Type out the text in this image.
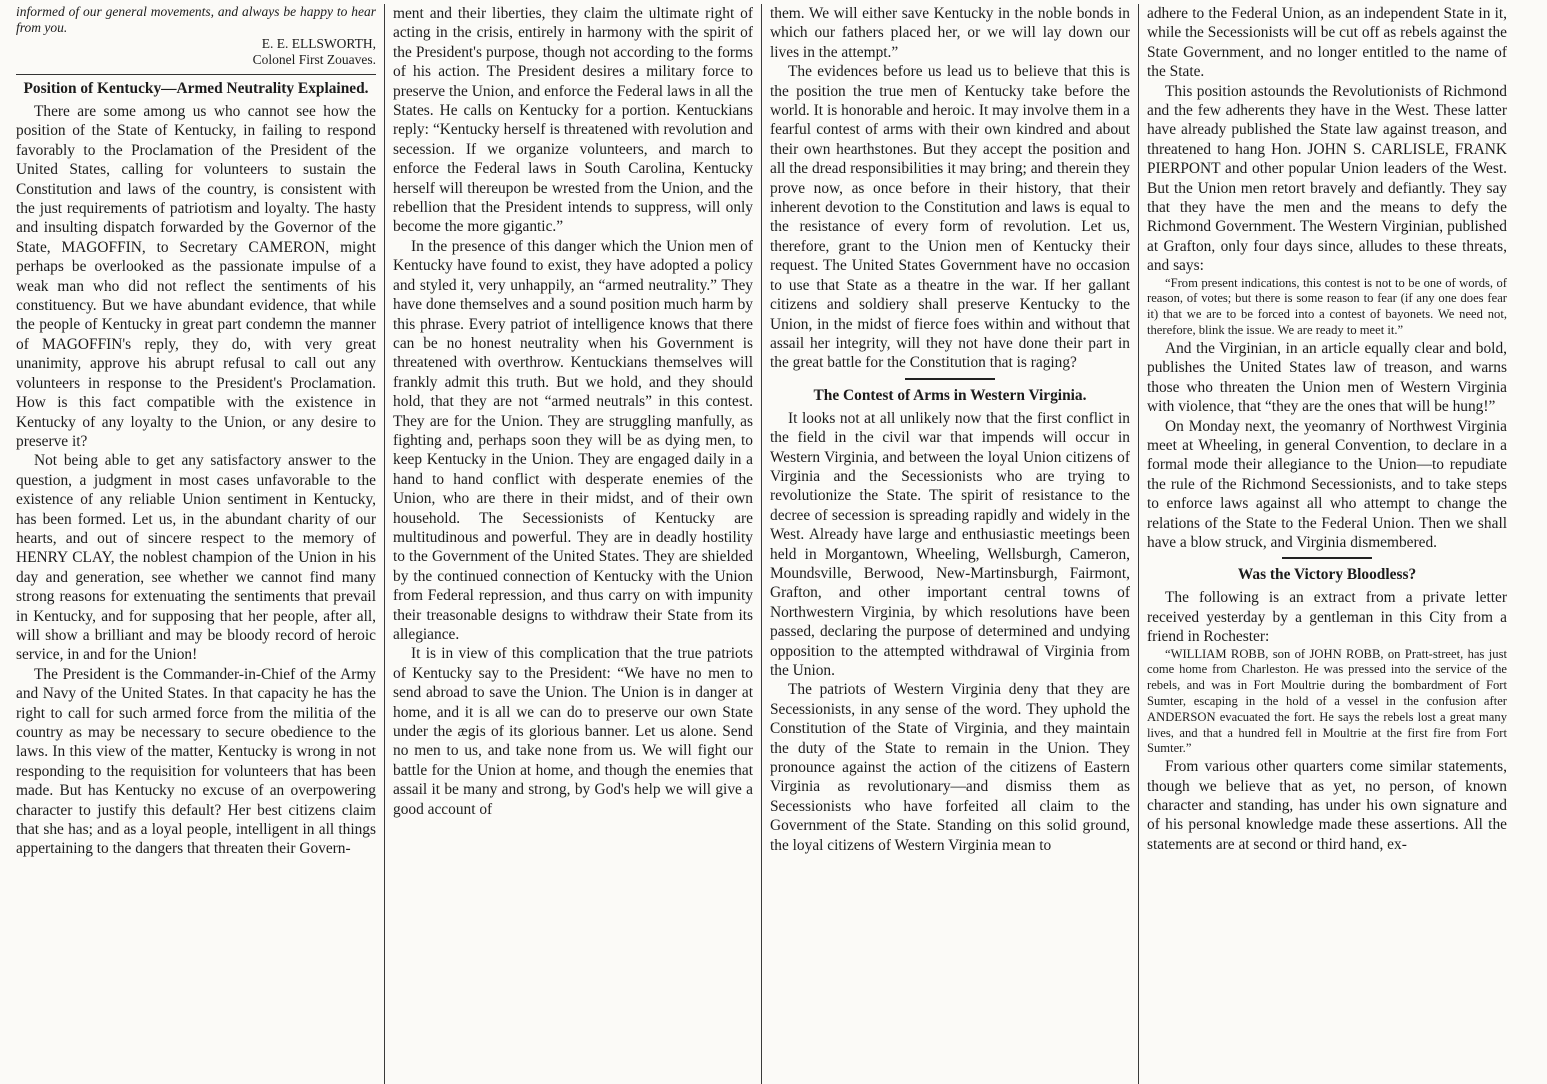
informed of our general movements, and always be happy to hear from you.

E. E. ELLSWORTH,

Colonel First Zouaves.

Position of Kentucky—Armed Neutrality Explained.

There are some among us who cannot see how the position of the State of Kentucky, in failing to respond favorably to the Proclamation of the President of the United States, calling for volunteers to sustain the Constitution and laws of the country, is consistent with the just requirements of patriotism and loyalty. The hasty and insulting dispatch forwarded by the Governor of the State, MAGOFFIN, to Secretary CAMERON, might perhaps be overlooked as the passionate impulse of a weak man who did not reflect the sentiments of his constituency. But we have abundant evidence, that while the people of Kentucky in great part condemn the manner of MAGOFFIN's reply, they do, with very great unanimity, approve his abrupt refusal to call out any volunteers in response to the President's Proclamation. How is this fact compatible with the existence in Kentucky of any loyalty to the Union, or any desire to preserve it?

Not being able to get any satisfactory answer to the question, a judgment in most cases unfavorable to the existence of any reliable Union sentiment in Kentucky, has been formed. Let us, in the abundant charity of our hearts, and out of sincere respect to the memory of HENRY CLAY, the noblest champion of the Union in his day and generation, see whether we cannot find many strong reasons for extenuating the sentiments that prevail in Kentucky, and for supposing that her people, after all, will show a brilliant and may be bloody record of heroic service, in and for the Union!

The President is the Commander-in-Chief of the Army and Navy of the United States. In that capacity he has the right to call for such armed force from the militia of the country as may be necessary to secure obedience to the laws. In this view of the matter, Kentucky is wrong in not responding to the requisition for volunteers that has been made. But has Kentucky no excuse of an overpowering character to justify this default? Her best citizens claim that she has; and as a loyal people, intelligent in all things appertaining to the dangers that threaten their Govern-

ment and their liberties, they claim the ultimate right of acting in the crisis, entirely in harmony with the spirit of the President's purpose, though not according to the forms of his action. The President desires a military force to preserve the Union, and enforce the Federal laws in all the States. He calls on Kentucky for a portion. Kentuckians reply: “Kentucky herself is threatened with revolution and secession. If we organize volunteers, and march to enforce the Federal laws in South Carolina, Kentucky herself will thereupon be wrested from the Union, and the rebellion that the President intends to suppress, will only become the more gigantic.”

In the presence of this danger which the Union men of Kentucky have found to exist, they have adopted a policy and styled it, very unhappily, an “armed neutrality.” They have done themselves and a sound position much harm by this phrase. Every patriot of intelligence knows that there can be no honest neutrality when his Government is threatened with overthrow. Kentuckians themselves will frankly admit this truth. But we hold, and they should hold, that they are not “armed neutrals” in this contest. They are for the Union. They are struggling manfully, as fighting and, perhaps soon they will be as dying men, to keep Kentucky in the Union. They are engaged daily in a hand to hand conflict with desperate enemies of the Union, who are there in their midst, and of their own household. The Secessionists of Kentucky are multitudinous and powerful. They are in deadly hostility to the Government of the United States. They are shielded by the continued connection of Kentucky with the Union from Federal repression, and thus carry on with impunity their treasonable designs to withdraw their State from its allegiance.

It is in view of this complication that the true patriots of Kentucky say to the President: “We have no men to send abroad to save the Union. The Union is in danger at home, and it is all we can do to preserve our own State under the ægis of its glorious banner. Let us alone. Send no men to us, and take none from us. We will fight our battle for the Union at home, and though the enemies that assail it be many and strong, by God's help we will give a good account of

them. We will either save Kentucky in the noble bonds in which our fathers placed her, or we will lay down our lives in the attempt.”

The evidences before us lead us to believe that this is the position the true men of Kentucky take before the world. It is honorable and heroic. It may involve them in a fearful contest of arms with their own kindred and about their own hearthstones. But they accept the position and all the dread responsibilities it may bring; and therein they prove now, as once before in their history, that their inherent devotion to the Constitution and laws is equal to the resistance of every form of revolution. Let us, therefore, grant to the Union men of Kentucky their request. The United States Government have no occasion to use that State as a theatre in the war. If her gallant citizens and soldiery shall preserve Kentucky to the Union, in the midst of fierce foes within and without that assail her integrity, will they not have done their part in the great battle for the Constitution that is raging?

The Contest of Arms in Western Virginia.

It looks not at all unlikely now that the first conflict in the field in the civil war that impends will occur in Western Virginia, and between the loyal Union citizens of Virginia and the Secessionists who are trying to revolutionize the State. The spirit of resistance to the decree of secession is spreading rapidly and widely in the West. Already have large and enthusiastic meetings been held in Morgantown, Wheeling, Wellsburgh, Cameron, Moundsville, Berwood, New-Martinsburgh, Fairmont, Grafton, and other important central towns of Northwestern Virginia, by which resolutions have been passed, declaring the purpose of determined and undying opposition to the attempted withdrawal of Virginia from the Union.

The patriots of Western Virginia deny that they are Secessionists, in any sense of the word. They uphold the Constitution of the State of Virginia, and they maintain the duty of the State to remain in the Union. They pronounce against the action of the citizens of Eastern Virginia as revolutionary—and dismiss them as Secessionists who have forfeited all claim to the Government of the State. Standing on this solid ground, the loyal citizens of Western Virginia mean to

adhere to the Federal Union, as an independent State in it, while the Secessionists will be cut off as rebels against the State Government, and no longer entitled to the name of the State.

This position astounds the Revolutionists of Richmond and the few adherents they have in the West. These latter have already published the State law against treason, and threatened to hang Hon. JOHN S. CARLISLE, FRANK PIERPONT and other popular Union leaders of the West. But the Union men retort bravely and defiantly. They say that they have the men and the means to defy the Richmond Government. The Western Virginian, published at Grafton, only four days since, alludes to these threats, and says:

“From present indications, this contest is not to be one of words, of reason, of votes; but there is some reason to fear (if any one does fear it) that we are to be forced into a contest of bayonets. We need not, therefore, blink the issue. We are ready to meet it.”

And the Virginian, in an article equally clear and bold, publishes the United States law of treason, and warns those who threaten the Union men of Western Virginia with violence, that “they are the ones that will be hung!”

On Monday next, the yeomanry of Northwest Virginia meet at Wheeling, in general Convention, to declare in a formal mode their allegiance to the Union—to repudiate the rule of the Richmond Secessionists, and to take steps to enforce laws against all who attempt to change the relations of the State to the Federal Union. Then we shall have a blow struck, and Virginia dismembered.

Was the Victory Bloodless?

The following is an extract from a private letter received yesterday by a gentleman in this City from a friend in Rochester:

“WILLIAM ROBB, son of JOHN ROBB, on Pratt-street, has just come home from Charleston. He was pressed into the service of the rebels, and was in Fort Moultrie during the bombardment of Fort Sumter, escaping in the hold of a vessel in the confusion after ANDERSON evacuated the fort. He says the rebels lost a great many lives, and that a hundred fell in Moultrie at the first fire from Fort Sumter.”

From various other quarters come similar statements, though we believe that as yet, no person, of known character and standing, has under his own signature and of his personal knowledge made these assertions. All the statements are at second or third hand, ex-
